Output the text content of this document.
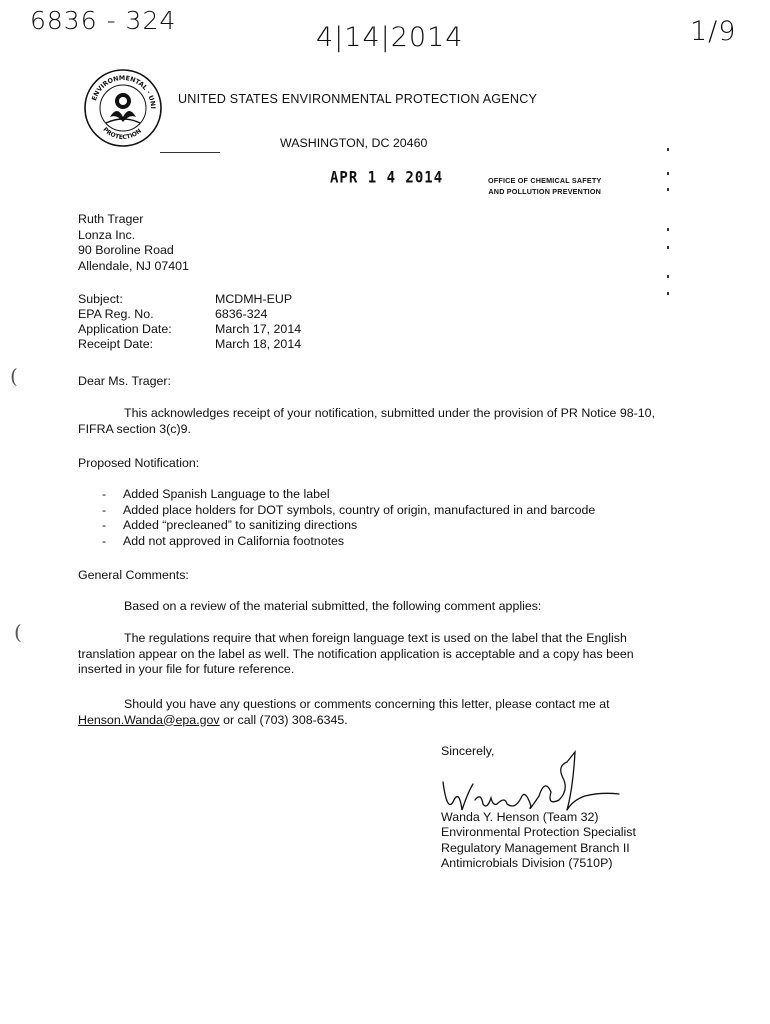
6836 - 324
4|14|2014	1/9
ENVIRONMENTAL · UNI
PROTECTION
UNITED STATES ENVIRONMENTAL PROTECTION AGENCY
WASHINGTON, DC 20460
APR 1 4 2014	OFFICE OF CHEMICAL SAFETY
AND POLLUTION PREVENTION
Ruth Trager
Lonza Inc.
90 Boroline Road
Allendale, NJ 07401
Subject:	MCDMH-EUP
EPA Reg. No.	6836-324
Application Date:	March 17, 2014
Receipt Date:	March 18, 2014
Dear Ms. Trager:
This acknowledges receipt of your notification, submitted under the provision of PR Notice 98-10, FIFRA section 3(c)9.
Proposed Notification:
- Added Spanish Language to the label
- Added place holders for DOT symbols, country of origin, manufactured in and barcode
- Added “precleaned” to sanitizing directions
- Add not approved in California footnotes
General Comments:
Based on a review of the material submitted, the following comment applies:
The regulations require that when foreign language text is used on the label that the English translation appear on the label as well. The notification application is acceptable and a copy has been inserted in your file for future reference.
Should you have any questions or comments concerning this letter, please contact me at Henson.Wanda@epa.gov or call (703) 308-6345.
Sincerely,
Wanda Y. Henson (Team 32)
Environmental Protection Specialist
Regulatory Management Branch II
Antimicrobials Division (7510P)
(
(
